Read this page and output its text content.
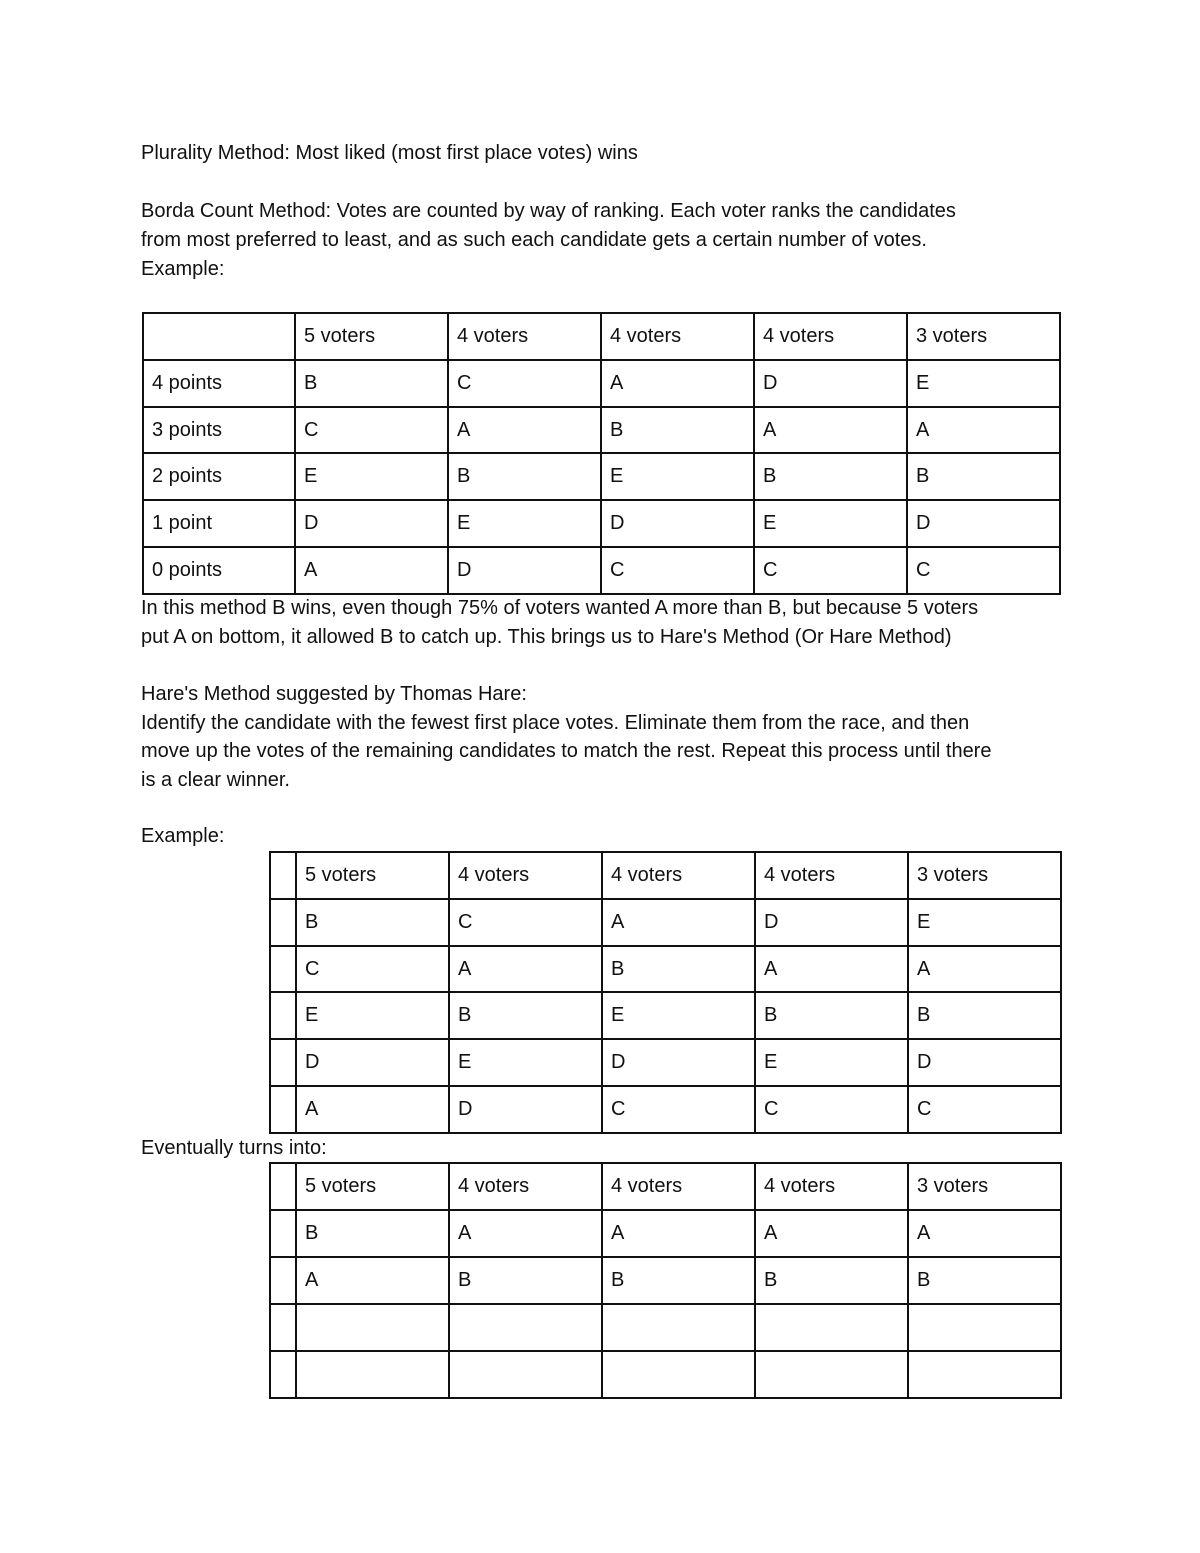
Plurality Method: Most liked (most first place votes) wins

Borda Count Method: Votes are counted by way of ranking. Each voter ranks the candidates

from most preferred to least, and as such each candidate gets a certain number of votes.

Example:

	5 voters	4 voters	4 voters	4 voters	3 voters
4 points	B	C	A	D	E
3 points	C	A	B	A	A
2 points	E	B	E	B	B
1 point	D	E	D	E	D
0 points	A	D	C	C	C

In this method B wins, even though 75% of voters wanted A more than B, but because 5 voters

put A on bottom, it allowed B to catch up. This brings us to Hare's Method (Or Hare Method)

Hare's Method suggested by Thomas Hare:

Identify the candidate with the fewest first place votes. Eliminate them from the race, and then

move up the votes of the remaining candidates to match the rest. Repeat this process until there

is a clear winner.

Example:

	5 voters	4 voters	4 voters	4 voters	3 voters
	B	C	A	D	E
	C	A	B	A	A
	E	B	E	B	B
	D	E	D	E	D
	A	D	C	C	C

Eventually turns into:

	5 voters	4 voters	4 voters	4 voters	3 voters
	B	A	A	A	A
	A	B	B	B	B
